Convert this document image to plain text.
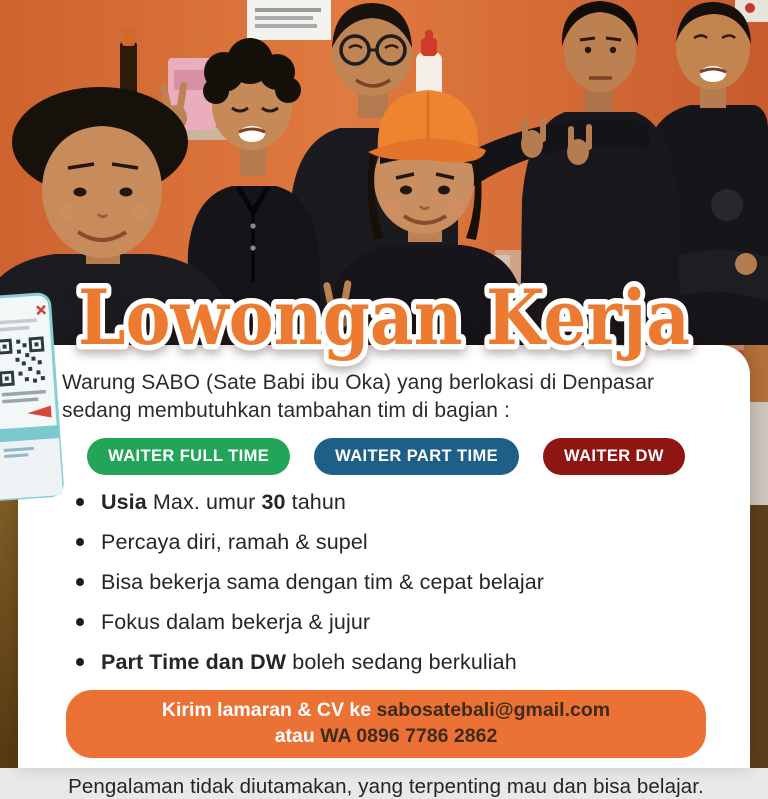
Warung SABO (Sate Babi ibu Oka) yang berlokasi di Denpasar
sedang membutuhkan tambahan tim di bagian :

WAITER FULL TIME	WAITER PART TIME	WAITER DW
Usia Max. umur 30 tahun
Percaya diri, ramah & supel
Bisa bekerja sama dengan tim & cepat belajar
Fokus dalam bekerja & jujur
Part Time dan DW boleh sedang berkuliah

Kirim lamaran & CV ke sabosatebali@gmail.com

atau WA 0896 7786 2862

Pengalaman tidak diutamakan, yang terpenting mau dan bisa belajar.

Lowongan Kerja
